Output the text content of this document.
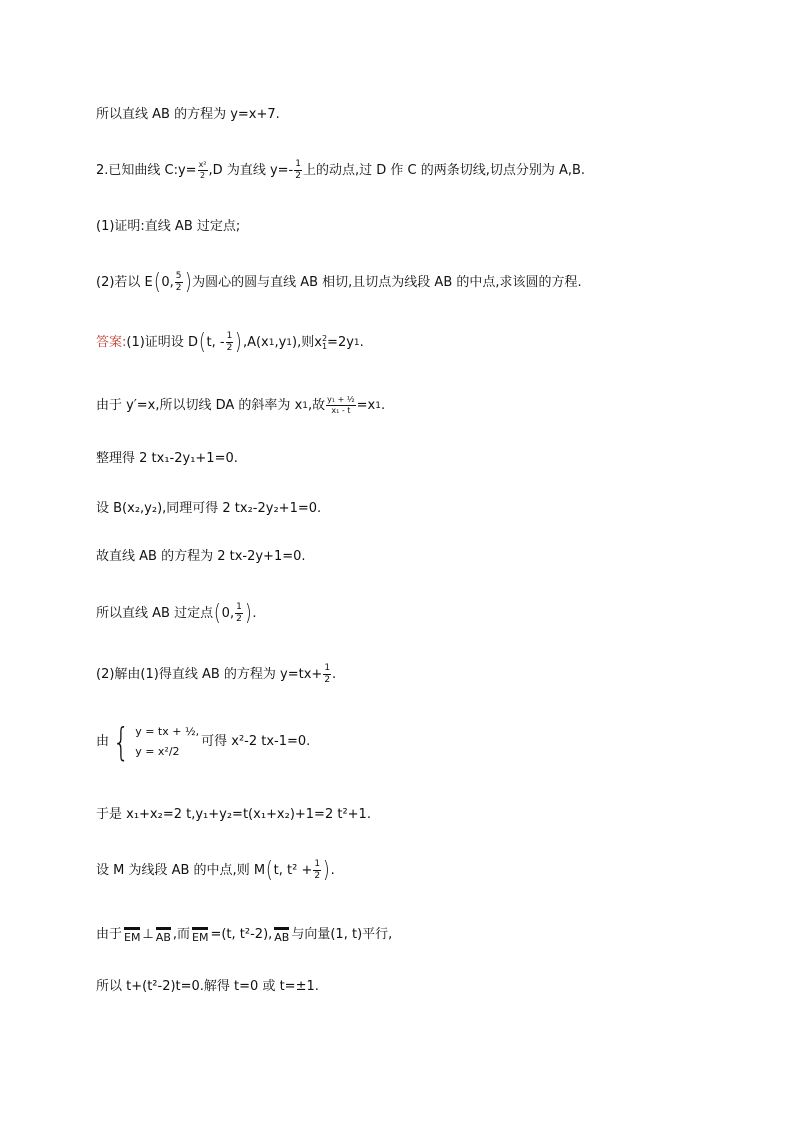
所以直线 AB 的方程为 y=x+7.
2.已知曲线 C:y= $\frac{\text{x²}}{2} ,D$ 为直线 $y=- \frac{1}{2}$ 上的动点,过 D 作 C 的两条切线,切点分别为 A,B.
(1)证明:直线 AB 过定点;
(2)若以 E ( 0, $\frac{5}{2}$ ) 为圆心的圆与直线 AB 相切,且切点为线段 AB 的中点,求该圆的方程.
答案: (1)证明设 D ( t, - $\frac{1}{2}$ ) ,A(x 1 ,y 1 ),则 x 2
1 =2y 1 .
由于 y′=x,所以切线 DA 的斜率为 x 1 ,故 $\frac{\text{y₁ + ½}}{\text{x₁ - t}} =x$ 1 .
整理得 2 tx₁-2y₁+1=0.
设 B(x₂,y₂),同理可得 2 tx₂-2y₂+1=0.
故直线 AB 的方程为 2 tx-2y+1=0.
所以直线 AB 过定点 ( 0, $\frac{1}{2}$ ) .
(2)解由(1)得直线 AB 的方程为 $y=tx+ \frac{1}{2}$ .
由 { y = tx + ½,
y = x²/2
可得 x²-2 tx-1=0.
于是 x₁+x₂=2 t,y₁+y₂=t(x₁+x₂)+1=2 t²+1.
设 M 为线段 AB 的中点,则 M ( t, $t^2 + \frac{1}{2}$ ) .
由于 EM ⊥ AB ,而 EM =(t, t²-2), AB 与向量(1, t)平行,
所以 t+(t²-2)t=0.解得 t=0 或 t=±1.
